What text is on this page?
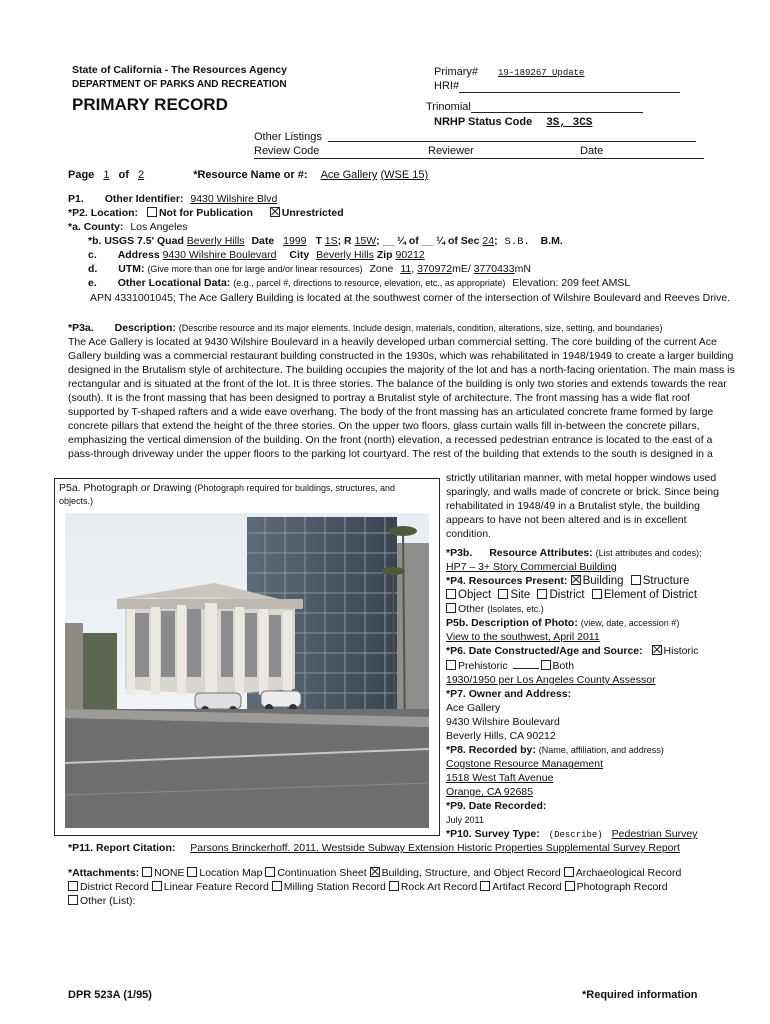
State of California - The Resources Agency
DEPARTMENT OF PARKS AND RECREATION
PRIMARY RECORD
Primary# 19-189267 Update
HRI#
Trinomial
NRHP Status Code 3S, 3CS
Other Listings
Review Code	Reviewer	Date
Page 1 of 2	*Resource Name or #: Ace Gallery (WSE 15)
P1. Other Identifier: 9430 Wilshire Blvd
*P2. Location: Not for Publication	Unrestricted
*a. County: Los Angeles
*b. USGS 7.5' Quad Beverly Hills Date 1999 T 1S; R 15W; __ ¼ of __ ¼ of Sec 24; S.B. B.M.
c. Address 9430 Wilshire Boulevard City Beverly Hills Zip 90212
d. UTM: (Give more than one for large and/or linear resources) Zone 11, 370972mE/ 3770433mN
e. Other Locational Data: (e.g., parcel #, directions to resource, elevation, etc., as appropriate) Elevation: 209 feet AMSL
APN 4331001045; The Ace Gallery Building is located at the southwest corner of the intersection of Wilshire Boulevard and Reeves Drive.
*P3a. Description: (Describe resource and its major elements. Include design, materials, condition, alterations, size, setting, and boundaries)
The Ace Gallery is located at 9430 Wilshire Boulevard in a heavily developed urban commercial setting. The core building of the current Ace
Gallery building was a commercial restaurant building constructed in the 1930s, which was rehabilitated in 1948/1949 to create a larger building
designed in the Brutalism style of architecture. The building occupies the majority of the lot and has a north-facing orientation. The main mass is
rectangular and is situated at the front of the lot. It is three stories. The balance of the building is only two stories and extends towards the rear
(south). It is the front massing that has been designed to portray a Brutalist style of architecture. The front massing has a wide flat roof
supported by T-shaped rafters and a wide eave overhang. The body of the front massing has an articulated concrete frame formed by large
concrete pillars that extend the height of the three stories. On the upper two floors, glass curtain walls fill in-between the concrete pillars,
emphasizing the vertical dimension of the building. On the front (north) elevation, a recessed pedestrian entrance is located to the east of a
pass-through driveway under the upper floors to the parking lot courtyard. The rest of the building that extends to the south is designed in a
strictly utilitarian manner, with metal hopper windows used
sparingly, and walls made of concrete or brick. Since being
rehabilitated in 1948/49 in a Brutalist style, the building
appears to have not been altered and is in excellent
condition.
P5a. Photograph or Drawing (Photograph required for buildings, structures, and objects.)
*P3b. Resource Attributes: (List attributes and codes);
HP7 – 3+ Story Commercial Building
*P4. Resources Present: Building Structure
Object Site District Element of District
Other (Isolates, etc.)
P5b. Description of Photo: (view, date, accession #)
View to the southwest, April 2011
*P6. Date Constructed/Age and Source: Historic
Prehistoric	Both
1930/1950 per Los Angeles County Assessor
*P7. Owner and Address:
Ace Gallery
9430 Wilshire Boulevard
Beverly Hills, CA 90212
*P8. Recorded by: (Name, affiliation, and address)
Cogstone Resource Management
1518 West Taft Avenue
Orange, CA 92685
*P9. Date Recorded:
July 2011
*P10. Survey Type: (Describe) Pedestrian Survey
*P11. Report Citation: Parsons Brinckerhoff. 2011. Westside Subway Extension Historic Properties Supplemental Survey Report
*Attachments: NONE Location Map Continuation Sheet Building, Structure, and Object Record Archaeological Record
District Record Linear Feature Record Milling Station Record Rock Art Record Artifact Record Photograph Record
Other (List):
DPR 523A (1/95)	*Required information
